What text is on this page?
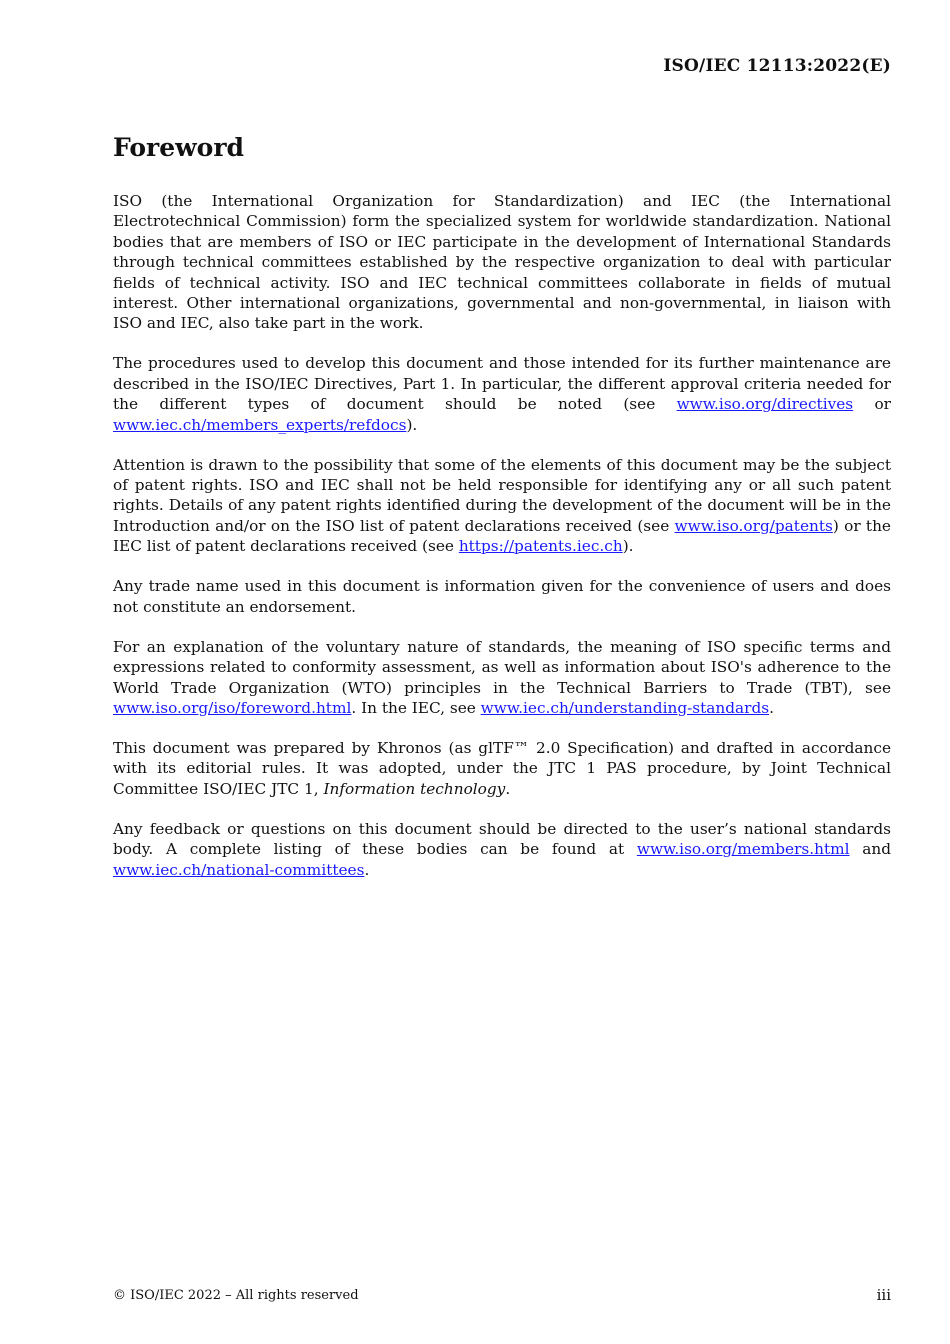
ISO/IEC 12113:2022(E)

Foreword

ISO (the International Organization for Standardization) and IEC (the International Electrotechnical Commission) form the specialized system for worldwide standardization. National bodies that are members of ISO or IEC participate in the development of International Standards through technical committees established by the respective organization to deal with particular fields of technical activity. ISO and IEC technical committees collaborate in fields of mutual interest. Other international organizations, governmental and non-governmental, in liaison with ISO and IEC, also take part in the work.

The procedures used to develop this document and those intended for its further maintenance are described in the ISO/IEC Directives, Part 1. In particular, the different approval criteria needed for the different types of document should be noted (see www.iso.org/directives or www.iec.ch/members_experts/refdocs).

Attention is drawn to the possibility that some of the elements of this document may be the subject of patent rights. ISO and IEC shall not be held responsible for identifying any or all such patent rights. Details of any patent rights identified during the development of the document will be in the Introduction and/or on the ISO list of patent declarations received (see www.iso.org/patents) or the IEC list of patent declarations received (see https://patents.iec.ch).

Any trade name used in this document is information given for the convenience of users and does not constitute an endorsement.

For an explanation of the voluntary nature of standards, the meaning of ISO specific terms and expressions related to conformity assessment, as well as information about ISO's adherence to the World Trade Organization (WTO) principles in the Technical Barriers to Trade (TBT), see www.iso.org/iso/foreword.html. In the IEC, see www.iec.ch/understanding-standards.

This document was prepared by Khronos (as glTF™ 2.0 Specification) and drafted in accordance with its editorial rules. It was adopted, under the JTC 1 PAS procedure, by Joint Technical Committee ISO/IEC JTC 1, Information technology.

Any feedback or questions on this document should be directed to the user’s national standards body. A complete listing of these bodies can be found at www.iso.org/members.html and www.iec.ch/national-committees.

© ISO/IEC 2022 – All rights reserved	iii
